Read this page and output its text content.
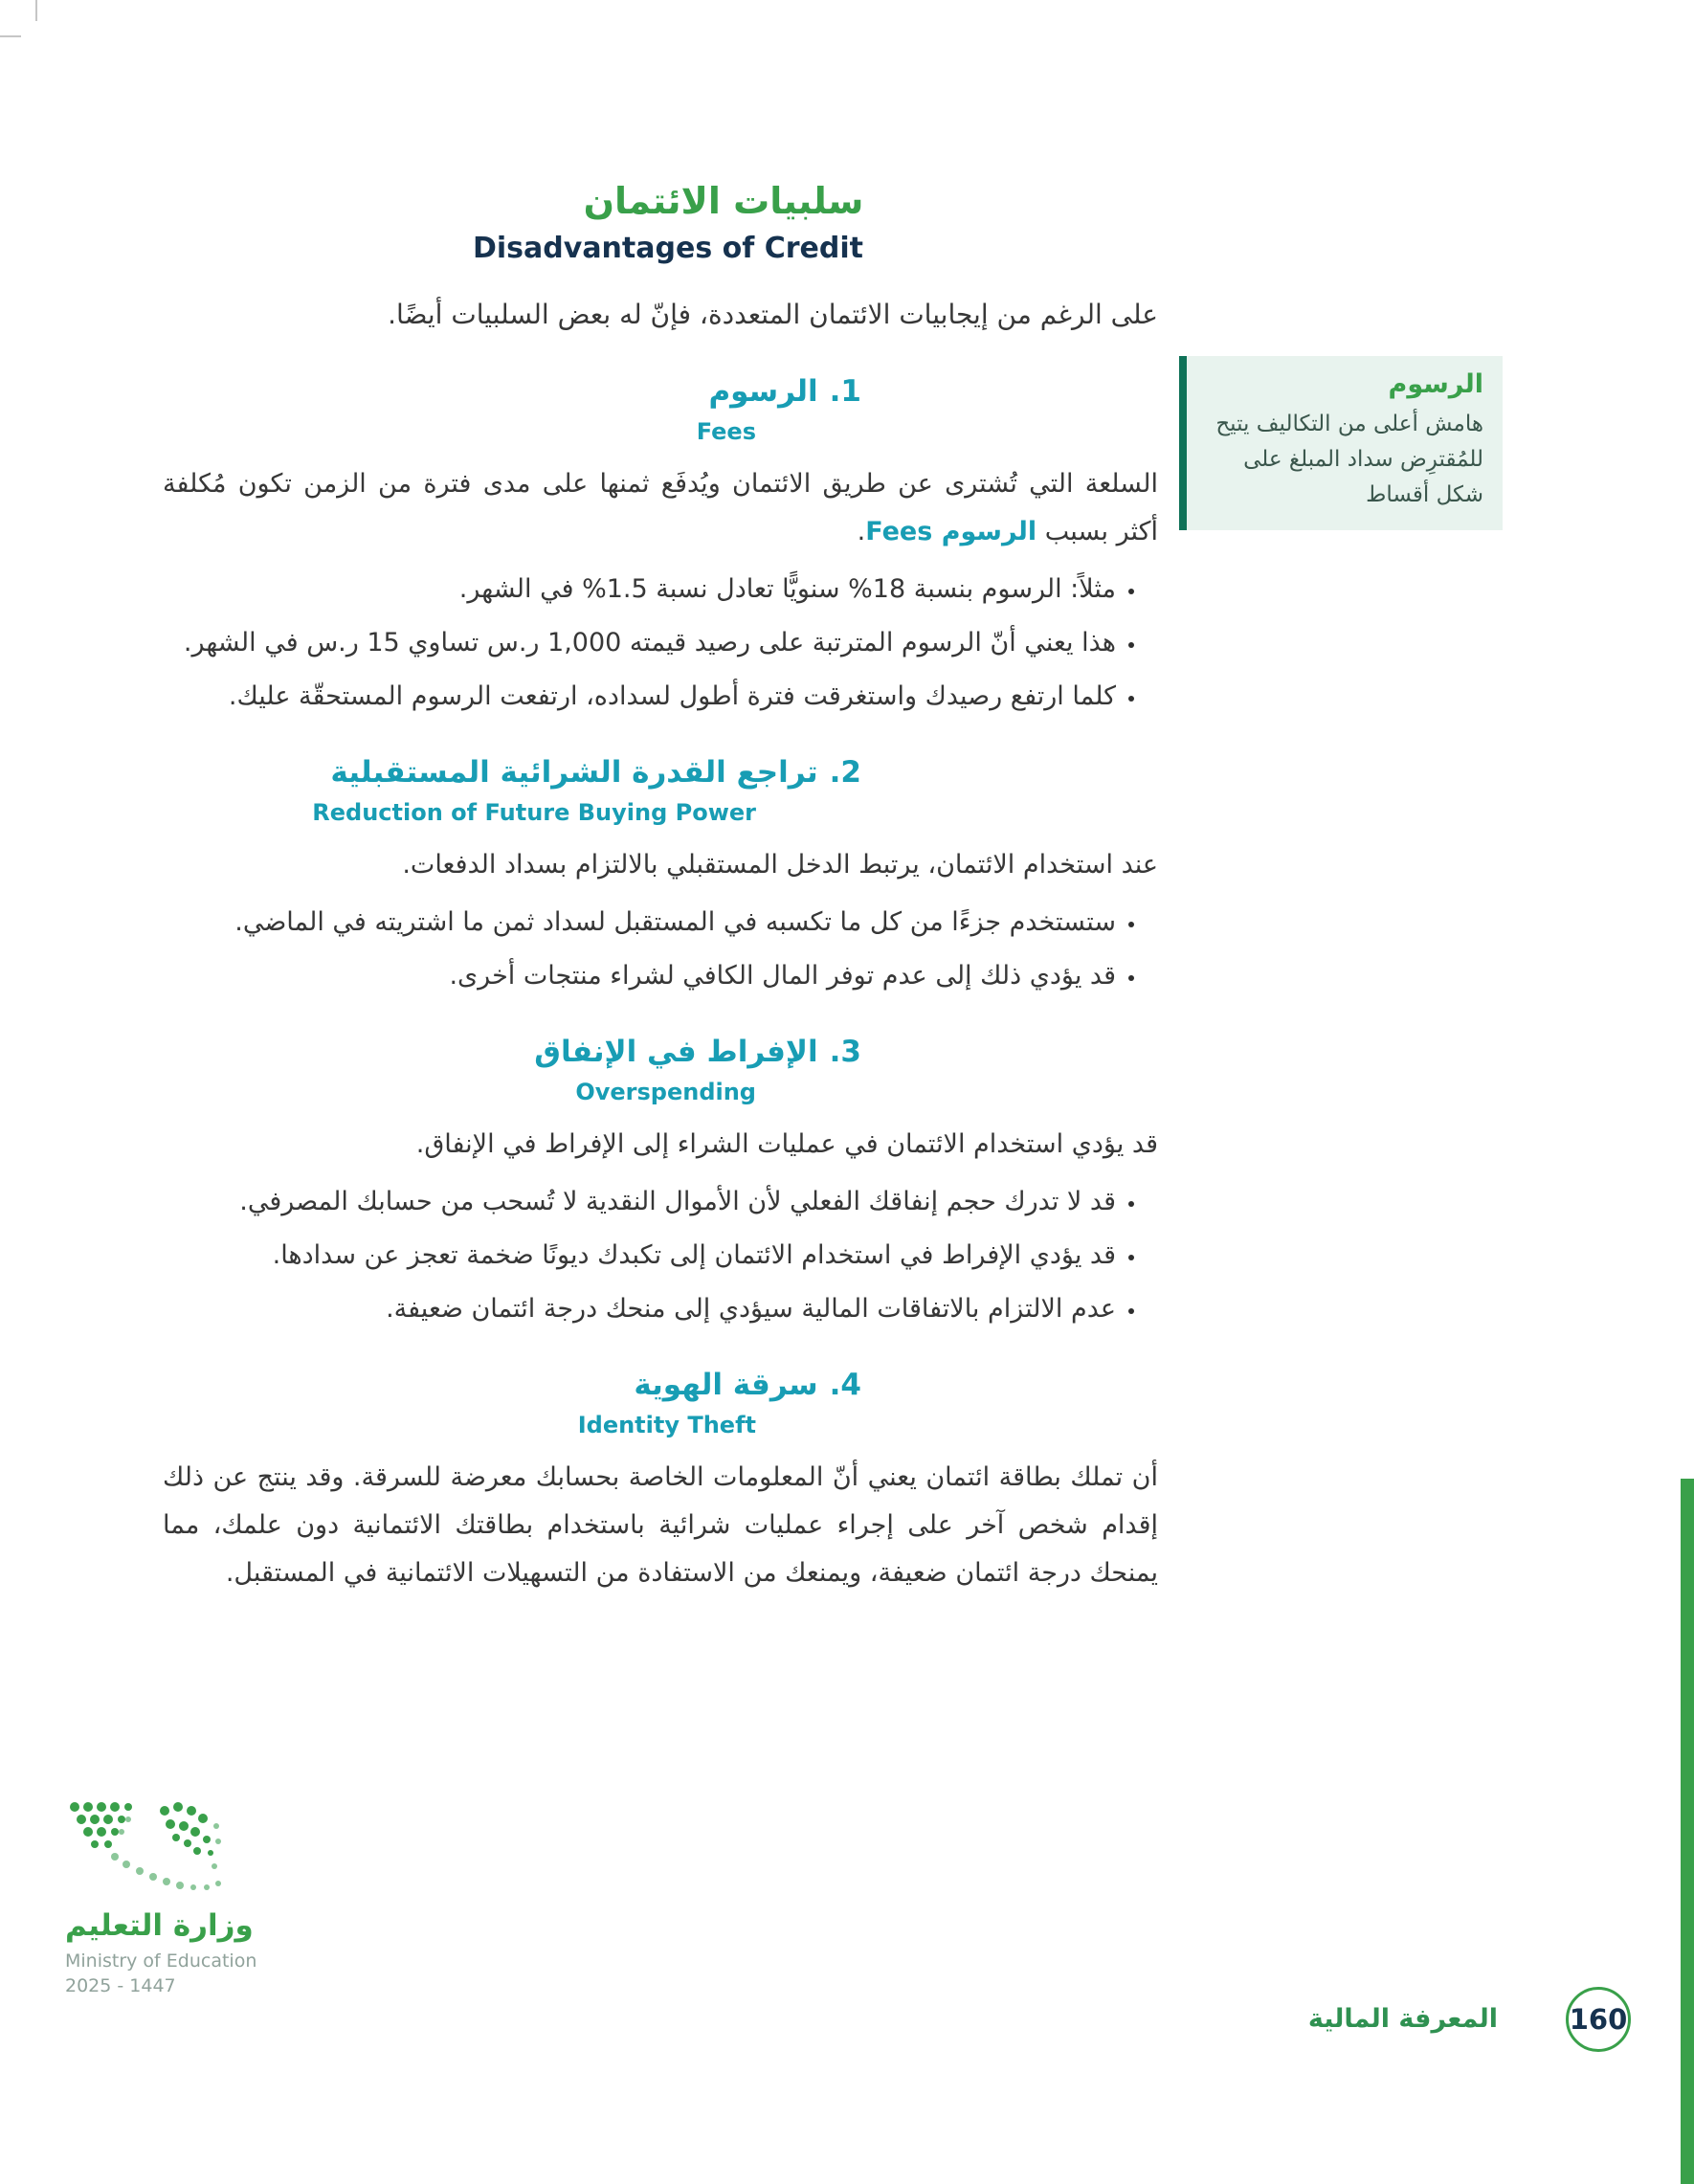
سلبيات الائتمان
Disadvantages of Credit

على الرغم من إيجابيات الائتمان المتعددة، فإنّ له بعض السلبيات أيضًا.

1.الرسوم
Fees

السلعة التي تُشترى عن طريق الائتمان ويُدفَع ثمنها على مدى فترة من الزمن تكون مُكلفة أكثر بسبب الرسوم Fees.

• مثلاً: الرسوم بنسبة 18% سنويًّا تعادل نسبة 1.5% في الشهر.
• هذا يعني أنّ الرسوم المترتبة على رصيد قيمته 1,000 ر.س تساوي 15 ر.س في الشهر.
• كلما ارتفع رصيدك واستغرقت فترة أطول لسداده، ارتفعت الرسوم المستحقّة عليك.
2.تراجع القدرة الشرائية المستقبلية
Reduction of Future Buying Power

عند استخدام الائتمان، يرتبط الدخل المستقبلي بالالتزام بسداد الدفعات.

• ستستخدم جزءًا من كل ما تكسبه في المستقبل لسداد ثمن ما اشتريته في الماضي.
• قد يؤدي ذلك إلى عدم توفر المال الكافي لشراء منتجات أخرى.
3.الإفراط في الإنفاق
Overspending

قد يؤدي استخدام الائتمان في عمليات الشراء إلى الإفراط في الإنفاق.

• قد لا تدرك حجم إنفاقك الفعلي لأن الأموال النقدية لا تُسحب من حسابك المصرفي.
• قد يؤدي الإفراط في استخدام الائتمان إلى تكبدك ديونًا ضخمة تعجز عن سدادها.
• عدم الالتزام بالاتفاقات المالية سيؤدي إلى منحك درجة ائتمان ضعيفة.
4.سرقة الهوية
Identity Theft

أن تملك بطاقة ائتمان يعني أنّ المعلومات الخاصة بحسابك معرضة للسرقة. وقد ينتج عن ذلك إقدام شخص آخر على إجراء عمليات شرائية باستخدام بطاقتك الائتمانية دون علمك، مما يمنحك درجة ائتمان ضعيفة، ويمنعك من الاستفادة من التسهيلات الائتمانية في المستقبل.

الرسوم

هامش أعلى من التكاليف يتيح للمُقترِض سداد المبلغ على شكل أقساط

وزارة التعليم
Ministry of Education
2025 - 1447
المعرفة المالية	160
